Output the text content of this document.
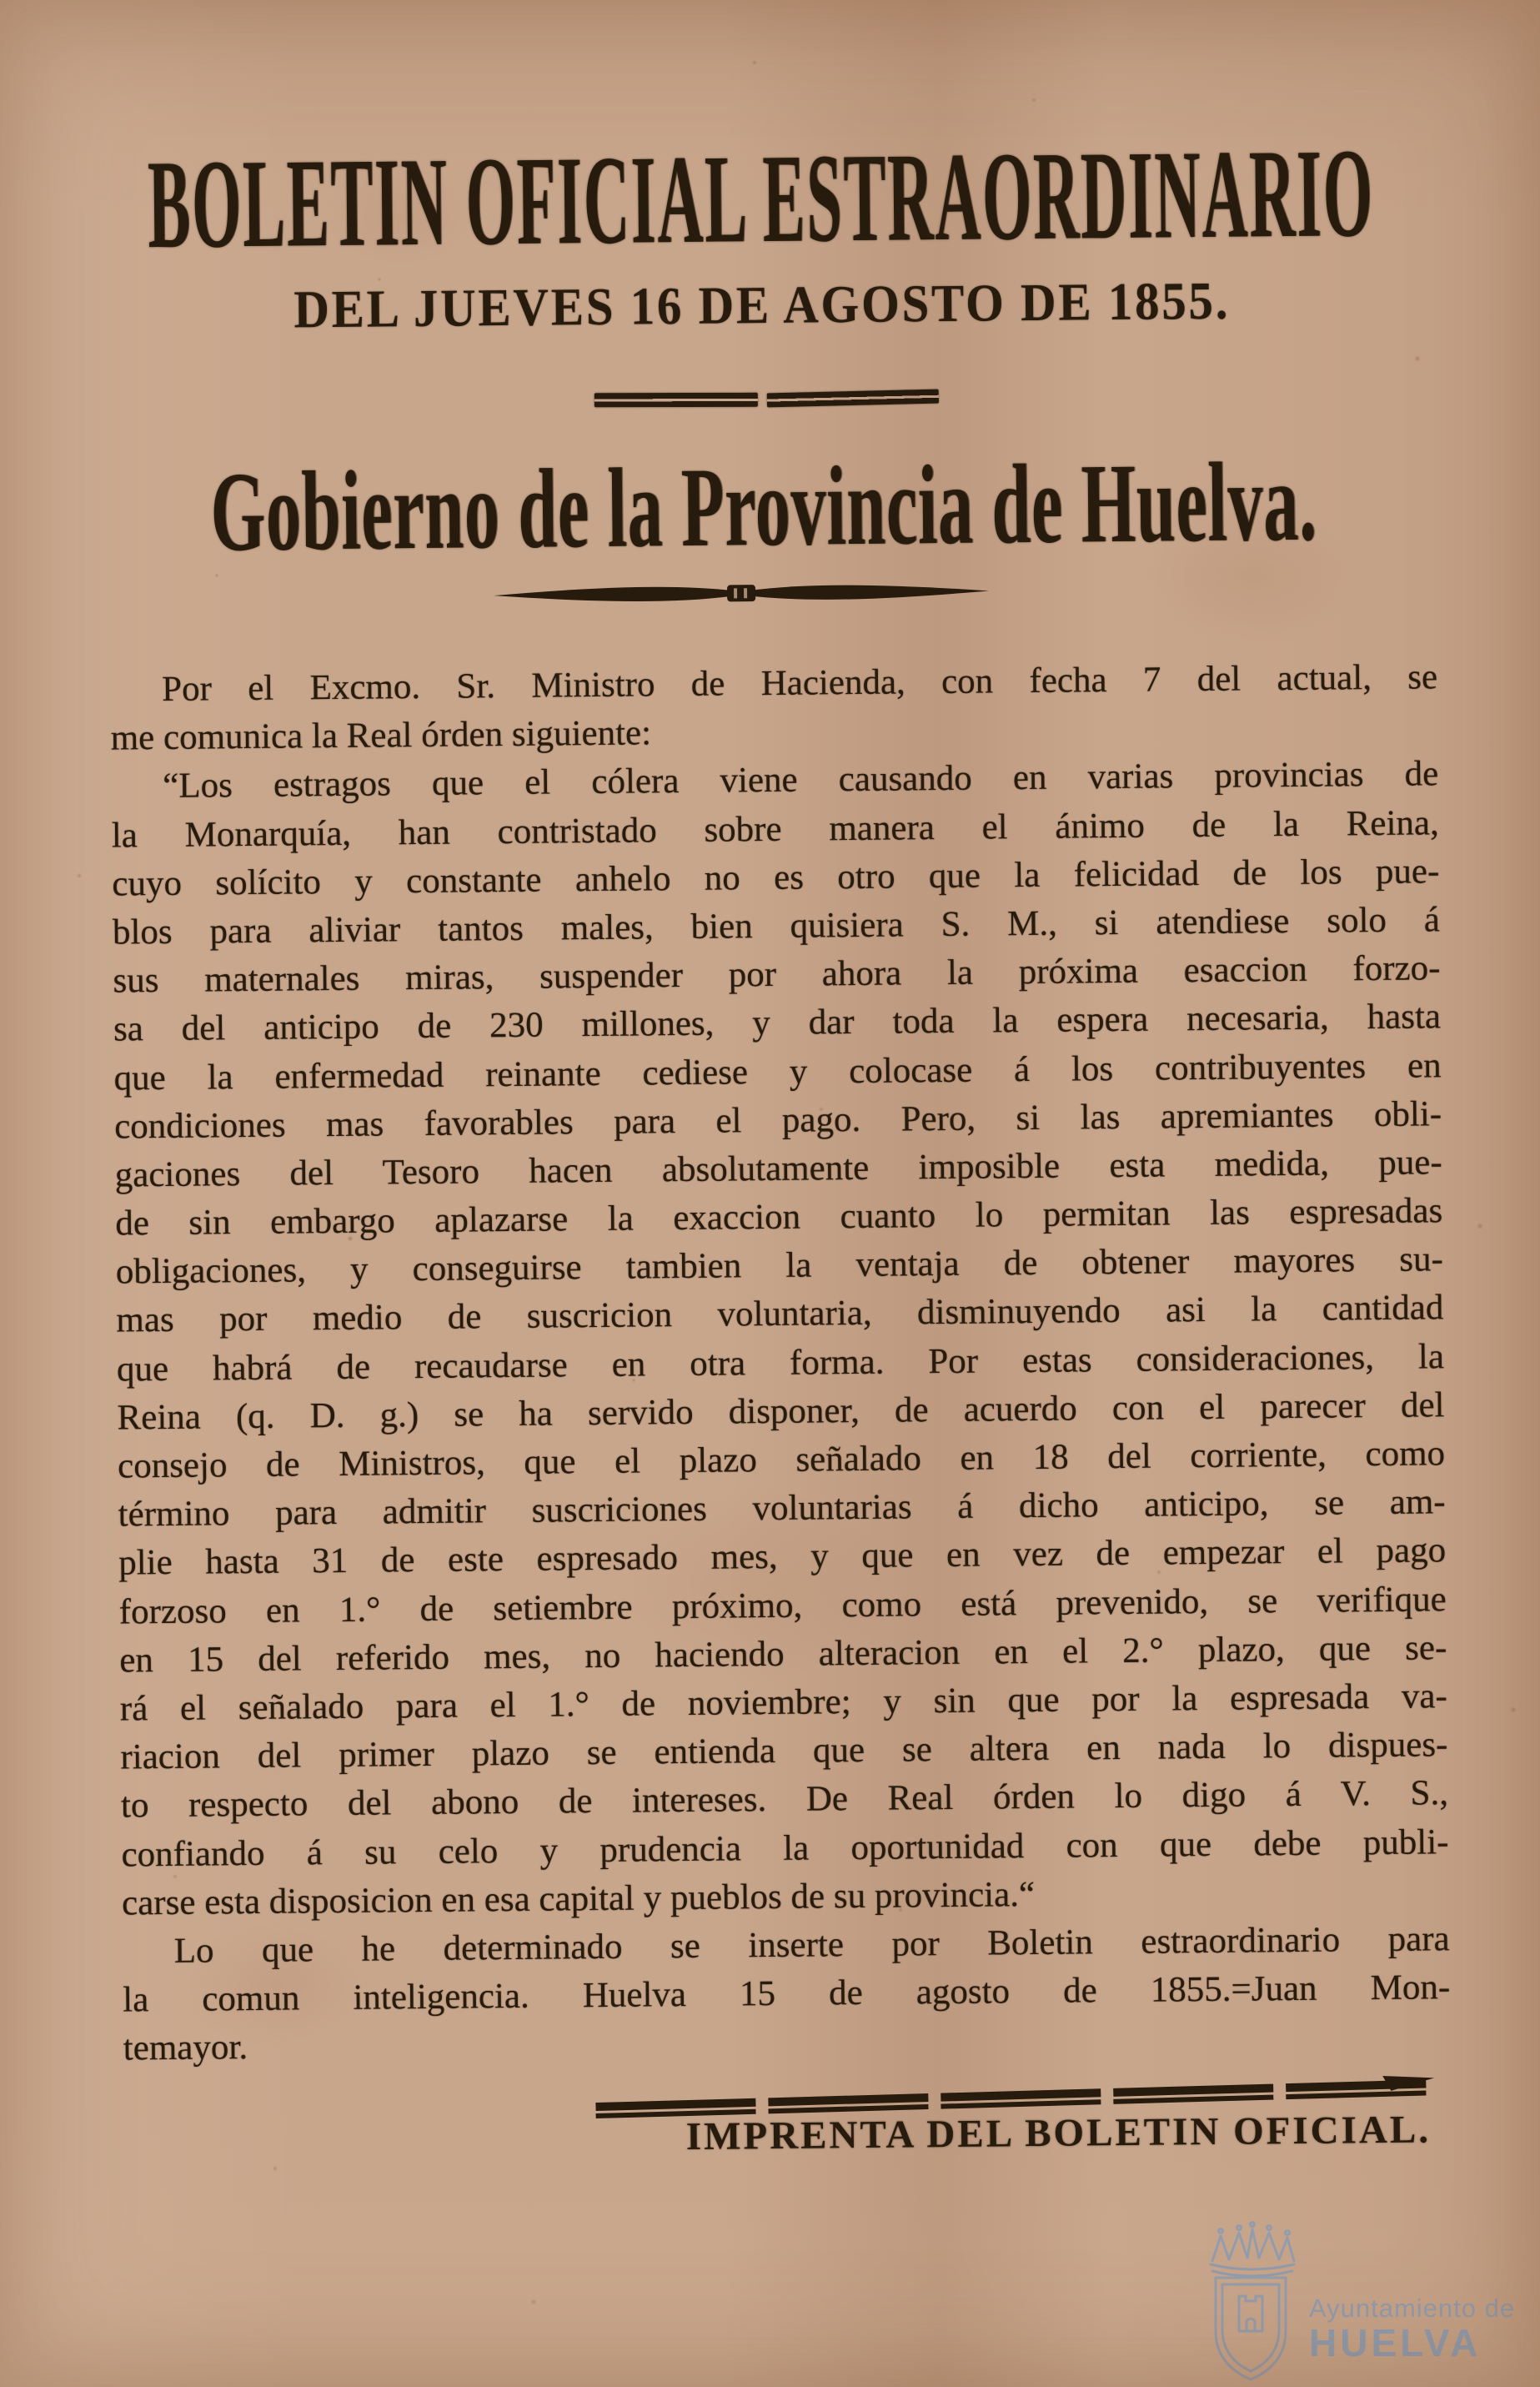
BOLETIN OFICIAL ESTRAORDINARIO
DEL JUEVES 16 DE AGOSTO DE 1855.
Gobierno de la Provincia de Huelva.
Por el Excmo. Sr. Ministro de Hacienda, con fecha 7 del actual, se
me comunica la Real órden siguiente:
“Los estragos que el cólera viene causando en varias provincias de
la Monarquía, han contristado sobre manera el ánimo de la Reina,
cuyo solícito y constante anhelo no es otro que la felicidad de los pue-
blos para aliviar tantos males, bien quisiera S. M., si atendiese solo á
sus maternales miras, suspender por ahora la próxima esaccion forzo-
sa del anticipo de 230 millones, y dar toda la espera necesaria, hasta
que la enfermedad reinante cediese y colocase á los contribuyentes en
condiciones mas favorables para el pago. Pero, si las apremiantes obli-
gaciones del Tesoro hacen absolutamente imposible esta medida, pue-
de sin embargo aplazarse la exaccion cuanto lo permitan las espresadas
obligaciones, y conseguirse tambien la ventaja de obtener mayores su-
mas por medio de suscricion voluntaria, disminuyendo asi la cantidad
que habrá de recaudarse en otra forma. Por estas consideraciones, la
Reina (q. D. g.) se ha servido disponer, de acuerdo con el parecer del
consejo de Ministros, que el plazo señalado en 18 del corriente, como
término para admitir suscriciones voluntarias á dicho anticipo, se am-
plie hasta 31 de este espresado mes, y que en vez de empezar el pago
forzoso en 1.° de setiembre próximo, como está prevenido, se verifique
en 15 del referido mes, no haciendo alteracion en el 2.° plazo, que se-
rá el señalado para el 1.° de noviembre; y sin que por la espresada va-
riacion del primer plazo se entienda que se altera en nada lo dispues-
to respecto del abono de intereses. De Real órden lo digo á V. S.,
confiando á su celo y prudencia la oportunidad con que debe publi-
carse esta disposicion en esa capital y pueblos de su provincia.“
Lo que he determinado se inserte por Boletin estraordinario para
la comun inteligencia. Huelva 15 de agosto de 1855.=Juan Mon-
temayor.
IMPRENTA DEL BOLETIN OFICIAL.
Ayuntamiento de
HUELVA
